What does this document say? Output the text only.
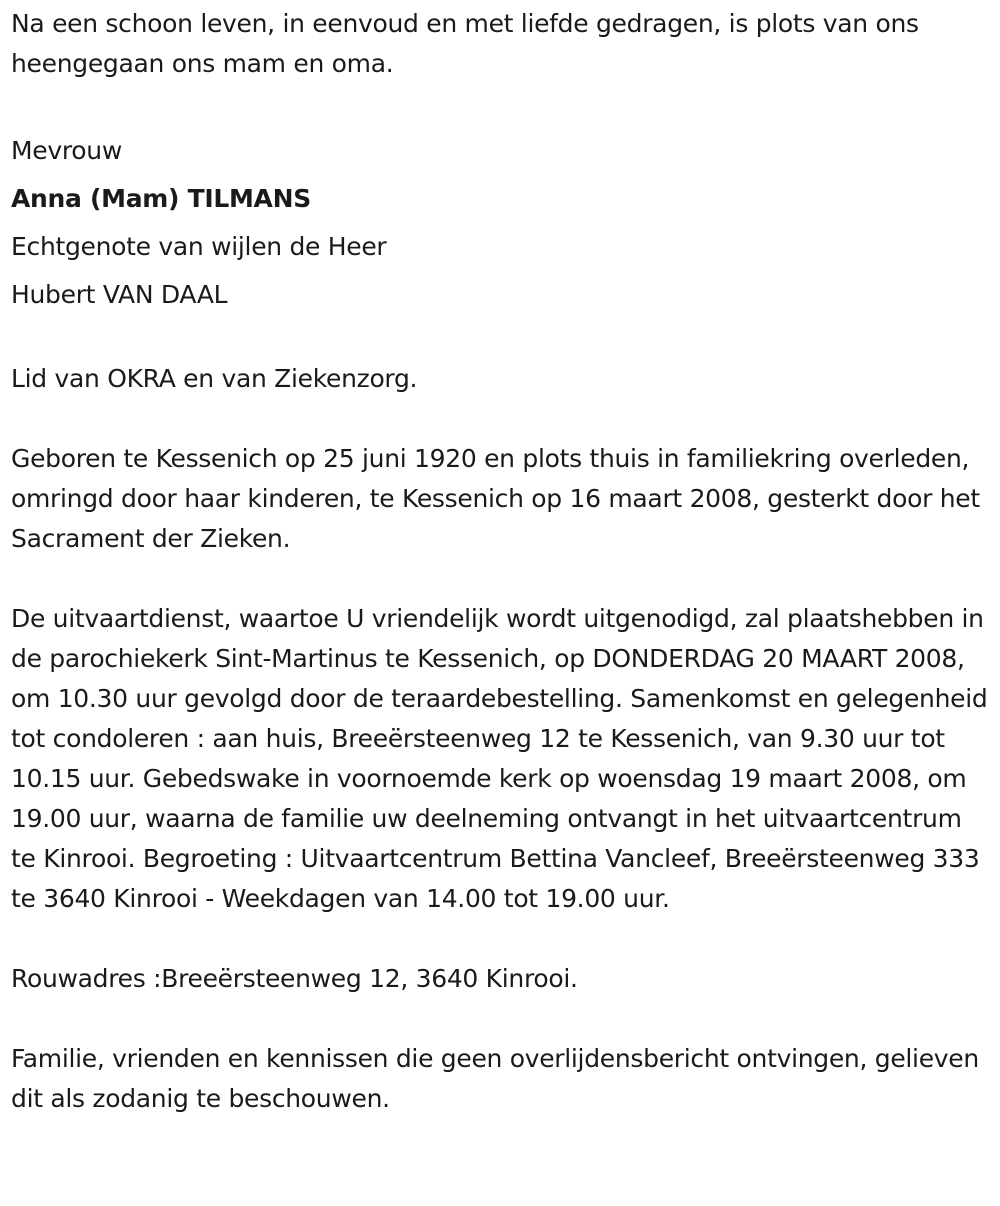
Na een schoon leven, in eenvoud en met liefde gedragen, is plots van ons heengegaan ons mam en oma.

Mevrouw
Anna (Mam) TILMANS
Echtgenote van wijlen de Heer
Hubert VAN DAAL

Lid van OKRA en van Ziekenzorg.

Geboren te Kessenich op 25 juni 1920 en plots thuis in familiekring overleden, omringd door haar kinderen, te Kessenich op 16 maart 2008, gesterkt door het Sacrament der Zieken.

De uitvaartdienst, waartoe U vriendelijk wordt uitgenodigd, zal plaatshebben in de parochiekerk Sint-Martinus te Kessenich, op DONDERDAG 20 MAART 2008, om 10.30 uur gevolgd door de teraardebestelling. Samenkomst en gelegenheid tot condoleren : aan huis, Breeërsteenweg 12 te Kessenich, van 9.30 uur tot 10.15 uur. Gebedswake in voornoemde kerk op woensdag 19 maart 2008, om 19.00 uur, waarna de familie uw deelneming ontvangt in het uitvaartcentrum te Kinrooi. Begroeting : Uitvaartcentrum Bettina Vancleef, Breeërsteenweg 333 te 3640 Kinrooi - Weekdagen van 14.00 tot 19.00 uur.

Rouwadres :Breeërsteenweg 12, 3640 Kinrooi.

Familie, vrienden en kennissen die geen overlijdensbericht ontvingen, gelieven dit als zodanig te beschouwen.
